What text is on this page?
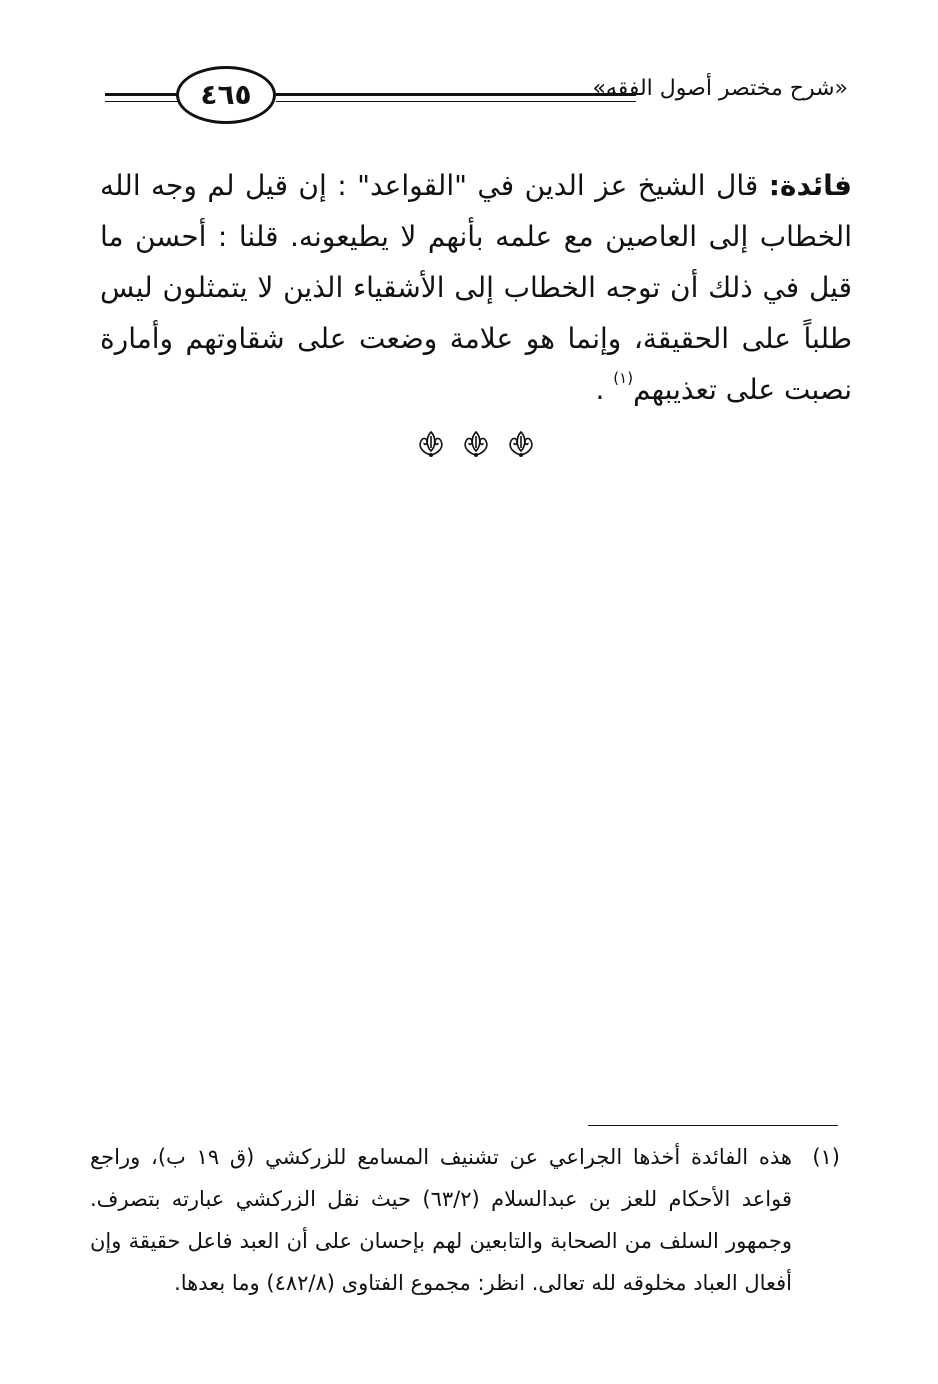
٤٦٥	«شرح مختصر أصول الفقه»

فائدة: قال الشيخ عز الدين في "القواعد" : إن قيل لم وجه الله الخطاب إلى العاصين مع علمه بأنهم لا يطيعونه. قلنا : أحسن ما قيل في ذلك أن توجه الخطاب إلى الأشقياء الذين لا يتمثلون ليس طلباً على الحقيقة، وإنما هو علامة وضعت على شقاوتهم وأمارة نصبت على تعذيبهم$^{(١)}$ .

(١)
هذه الفائدة أخذها الجراعي عن تشنيف المسامع للزركشي (ق ١٩ ب)، وراجع قواعد الأحكام للعز بن عبدالسلام (٦٣/٢) حيث نقل الزركشي عبارته بتصرف. وجمهور السلف من الصحابة والتابعين لهم بإحسان على أن العبد فاعل حقيقة وإن أفعال العباد مخلوقه لله تعالى. انظر: مجموع الفتاوى (٤٨٢/٨) وما بعدها.
